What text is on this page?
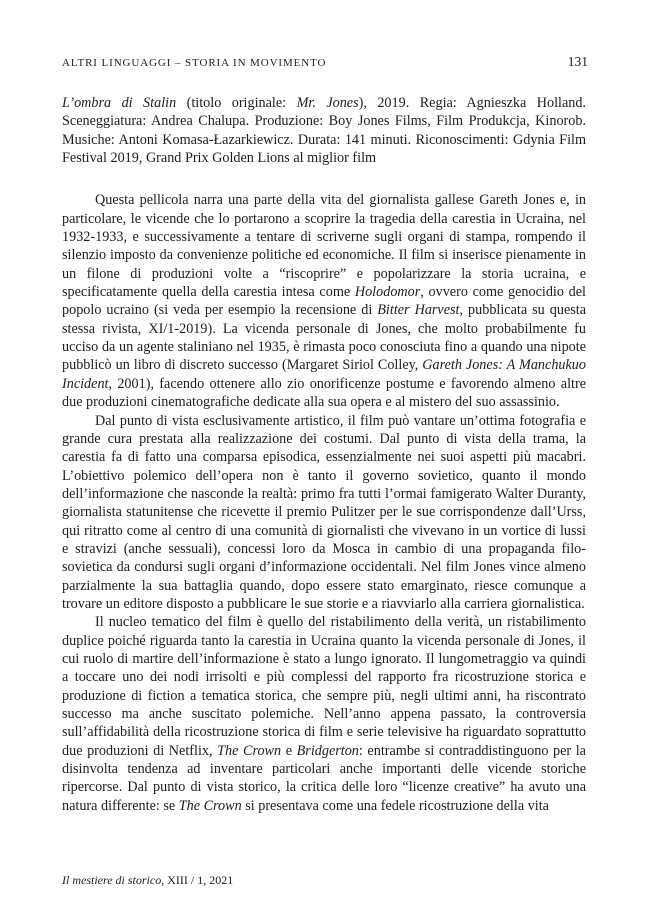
ALTRI LINGUAGGI – STORIA IN MOVIMENTO	131

L’ombra di Stalin (titolo originale: Mr. Jones), 2019. Regia: Agnieszka Holland. Sceneggiatura: Andrea Chalupa. Produzione: Boy Jones Films, Film Produkcja, Kinorob. Musiche: Antoni Komasa-Łazarkiewicz. Durata: 141 minuti. Riconoscimenti: Gdynia Film Festival 2019, Grand Prix Golden Lions al miglior film

Questa pellicola narra una parte della vita del giornalista gallese Gareth Jones e, in particolare, le vicende che lo portarono a scoprire la tragedia della carestia in Ucraina, nel 1932-1933, e successivamente a tentare di scriverne sugli organi di stampa, rompendo il silenzio imposto da convenienze politiche ed economiche. Il film si inserisce pienamente in un filone di produzioni volte a “riscoprire” e popolarizzare la storia ucraina, e specificatamente quella della carestia intesa come Holodomor, ovvero come genocidio del popolo ucraino (si veda per esempio la recensione di Bitter Harvest, pubblicata su questa stessa rivista, XI/1-2019). La vicenda personale di Jones, che molto probabilmente fu ucciso da un agente staliniano nel 1935, è rimasta poco conosciuta fino a quando una nipote pubblicò un libro di discreto successo (Margaret Siriol Colley, Gareth Jones: A Manchukuo Incident, 2001), facendo ottenere allo zio onorificenze postume e favorendo almeno altre due produzioni cinematografiche dedicate alla sua opera e al mistero del suo assassinio.

Dal punto di vista esclusivamente artistico, il film può vantare un’ottima fotografia e grande cura prestata alla realizzazione dei costumi. Dal punto di vista della trama, la carestia fa di fatto una comparsa episodica, essenzialmente nei suoi aspetti più macabri. L’obiettivo polemico dell’opera non è tanto il governo sovietico, quanto il mondo dell’informazione che nasconde la realtà: primo fra tutti l’ormai famigerato Walter Duranty, giornalista statunitense che ricevette il premio Pulitzer per le sue corrispondenze dall’Urss, qui ritratto come al centro di una comunità di giornalisti che vivevano in un vortice di lussi e stravizi (anche sessuali), concessi loro da Mosca in cambio di una propaganda filo-sovietica da condursi sugli organi d’informazione occidentali. Nel film Jones vince almeno parzialmente la sua battaglia quando, dopo essere stato emarginato, riesce comunque a trovare un editore disposto a pubblicare le sue storie e a riavviarlo alla carriera giornalistica.

Il nucleo tematico del film è quello del ristabilimento della verità, un ristabilimento duplice poiché riguarda tanto la carestia in Ucraina quanto la vicenda personale di Jones, il cui ruolo di martire dell’informazione è stato a lungo ignorato. Il lungometraggio va quindi a toccare uno dei nodi irrisolti e più complessi del rapporto fra ricostruzione storica e produzione di fiction a tematica storica, che sempre più, negli ultimi anni, ha riscontrato successo ma anche suscitato polemiche. Nell’anno appena passato, la controversia sull’affidabilità della ricostruzione storica di film e serie televisive ha riguardato soprattutto due produzioni di Netflix, The Crown e Bridgerton: entrambe si contraddistinguono per la disinvolta tendenza ad inventare particolari anche importanti delle vicende storiche ripercorse. Dal punto di vista storico, la critica delle loro “licenze creative” ha avuto una natura differente: se The Crown si presentava come una fedele ricostruzione della vita

Il mestiere di storico, XIII / 1, 2021
